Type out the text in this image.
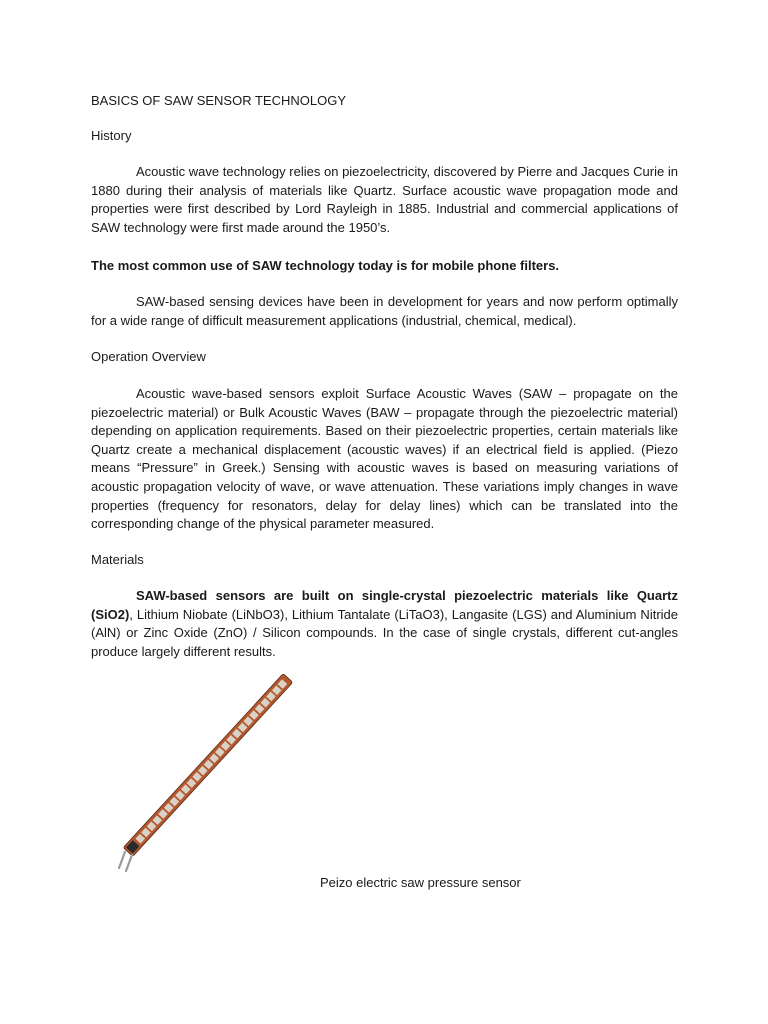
BASICS OF SAW SENSOR TECHNOLOGY
History
Acoustic wave technology relies on piezoelectricity, discovered by Pierre and Jacques Curie in 1880 during their analysis of materials like Quartz. Surface acoustic wave propagation mode and properties were first described by Lord Rayleigh in 1885. Industrial and commercial applications of SAW technology were first made around the 1950’s.
The most common use of SAW technology today is for mobile phone filters.
SAW-based sensing devices have been in development for years and now perform optimally for a wide range of difficult measurement applications (industrial, chemical, medical).
Operation Overview
Acoustic wave-based sensors exploit Surface Acoustic Waves (SAW – propagate on the piezoelectric material) or Bulk Acoustic Waves (BAW – propagate through the piezoelectric material) depending on application requirements. Based on their piezoelectric properties, certain materials like Quartz create a mechanical displacement (acoustic waves) if an electrical field is applied. (Piezo means “Pressure” in Greek.) Sensing with acoustic waves is based on measuring variations of acoustic propagation velocity of wave, or wave attenuation. These variations imply changes in wave properties (frequency for resonators, delay for delay lines) which can be translated into the corresponding change of the physical parameter measured.
Materials
SAW-based sensors are built on single-crystal piezoelectric materials like Quartz (SiO2), Lithium Niobate (LiNbO3), Lithium Tantalate (LiTaO3), Langasite (LGS) and Aluminium Nitride (AlN) or Zinc Oxide (ZnO) / Silicon compounds. In the case of single crystals, different cut-angles produce largely different results.
Peizo electric saw pressure sensor
